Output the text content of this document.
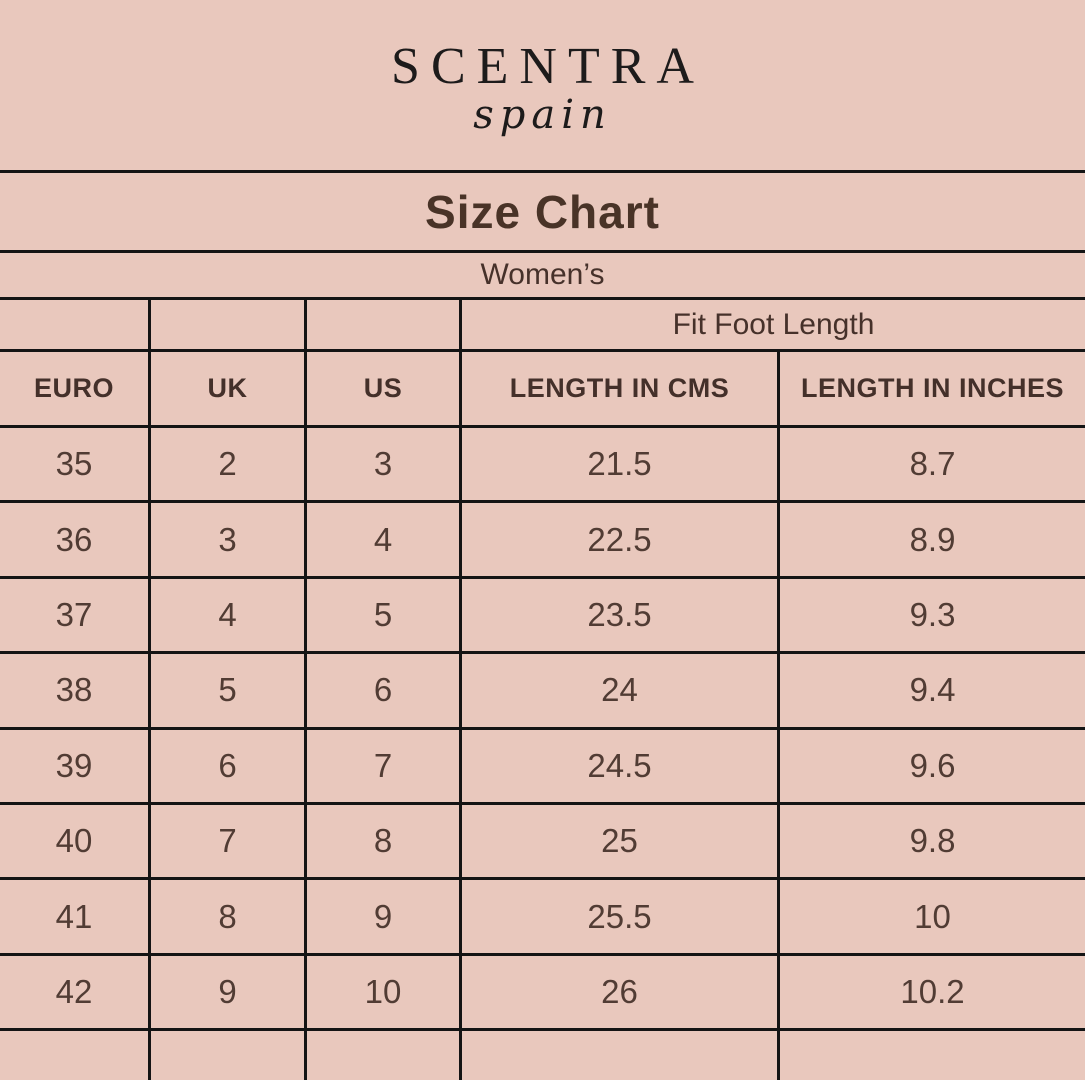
SCENTRA
spain
Size Chart
Women’s
Fit Foot Length
EURO	UK	US	LENGTH IN CMS	LENGTH IN INCHES
35	2	3	21.5	8.7
36	3	4	22.5	8.9
37	4	5	23.5	9.3
38	5	6	24	9.4
39	6	7	24.5	9.6
40	7	8	25	9.8
41	8	9	25.5	10
42	9	10	26	10.2
